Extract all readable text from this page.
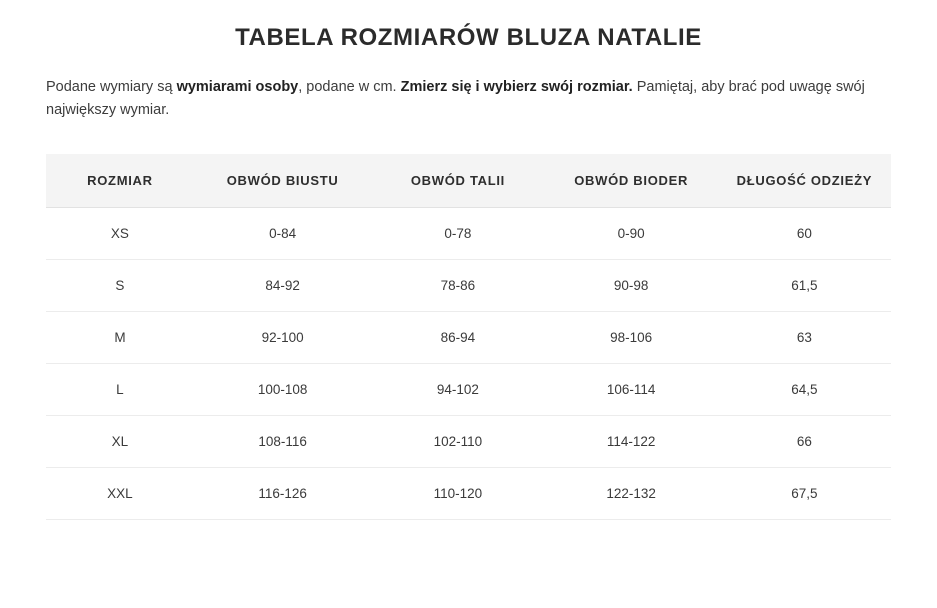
TABELA ROZMIARÓW BLUZA NATALIE

Podane wymiary są wymiarami osoby, podane w cm. Zmierz się i wybierz swój rozmiar. Pamiętaj, aby brać pod uwagę swój największy wymiar.

ROZMIAR	OBWÓD BIUSTU	OBWÓD TALII	OBWÓD BIODER	DŁUGOŚĆ ODZIEŻY
XS	0-84	0-78	0-90	60
S	84-92	78-86	90-98	61,5
M	92-100	86-94	98-106	63
L	100-108	94-102	106-114	64,5
XL	108-116	102-110	114-122	66
XXL	116-126	110-120	122-132	67,5
